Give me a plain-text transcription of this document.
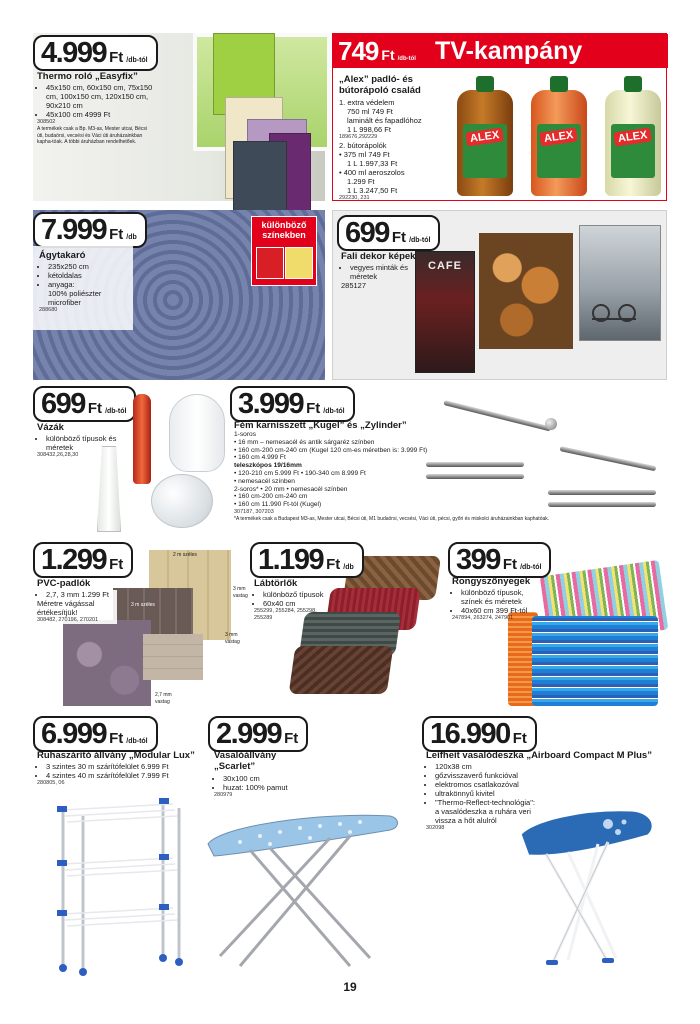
4.999 Ft /db-tól
Thermo roló „Easyfix”
• 45x150 cm, 60x150 cm, 75x150 cm, 100x150 cm, 120x150 cm, 90x210 cm
• 45x100 cm 4999 Ft
308502
A termékek csak a Bp. M3-as, Mester utcai, Bécsi úti, budaörsi, vecsési és Váci úti áruházainkban kapha-tóak. A többi áruházban rendelhetőek.
TV-kampány
749 Ft /db-tól
„Alex” padló- és bútorápoló család
1. extra védelem
750 ml 749 Ft
laminált és fapadlóhoz
1 L 998,66 Ft
189676,292229
2. bútorápolók
• 375 ml 749 Ft
1 L 1.997,33 Ft
• 400 ml aeroszolos
1.299 Ft
1 L 3.247,50 Ft
292230, 231
ALEX	ALEX	ALEX
7.999 Ft /db
különböző színekben
Ágytakaró
• 235x250 cm
• kétoldalas
• anyaga:
100% poliészter
microfiber
288680
699 Ft /db-tól
Fali dekor képek
• vegyes minták és méretek
285127
CAFE
699 Ft /db-tól
Vázák
• különböző típusok és méretek
308432,26,28,30
3.999 Ft /db-tól
Fém karnisszett „Kugel” és „Zylinder”
1-soros
• 16 mm – nemesacél és antik sárgaréz színben
• 160 cm-200 cm-240 cm (Kugel 120 cm-es méretben is: 3.999 Ft)
• 160 cm 4.999 Ft
teleszkópos 19/16mm
• 120-210 cm 5.999 Ft • 190-340 cm 8.999 Ft
• nemesacél színben
2-soros* • 20 mm • nemesacél színben
• 160 cm-200 cm-240 cm
• 160 cm 11.990 Ft-tól (Kugel)
307187, 307203
*A termékek csak a Budapest M3-as, Mester utcai, Bécsi úti, M1 budaörsi, vecsési, Váci úti, pécsi, győri és miskolci áruházainkban kaphatóak.
2 m széles
3 m széles
3 mm vastag
3 mm vastag
2,7 mm vastag
1.299 Ft
PVC-padlók
• 2,7, 3 mm 1.299 Ft
Méretre vágással értékesítjük!
308482, 270196, 270201
1.199 Ft /db
Lábtörlők
• különböző típusok
• 60x40 cm
255299, 255284, 255298, 255289
399 Ft /db-tól
Rongyszőnyegek
• különböző típusok, színek és méretek
• 40x60 cm 399 Ft-tól
247894, 263274, 247901
6.999 Ft /db-tól
Ruhaszárító állvány „Modular Lux”
• 3 szintes 30 m szárítófelület 6.999 Ft
• 4 szintes 40 m szárítófelület 7.999 Ft
280805, 06
2.999 Ft
Vasalóállvány „Scarlet”
• 30x100 cm
• huzat: 100% pamut
280979
16.990 Ft
Leifheit vasalódeszka „Airboard Compact M Plus”
• 120x38 cm
• gőzvisszaverő funkcióval
• elektromos csatlakozóval
• ultrakönnyű kivitel
• "Thermo-Reflect-technológia": a vasalódeszka a ruhára veri vissza a hőt alulról
302098
19
